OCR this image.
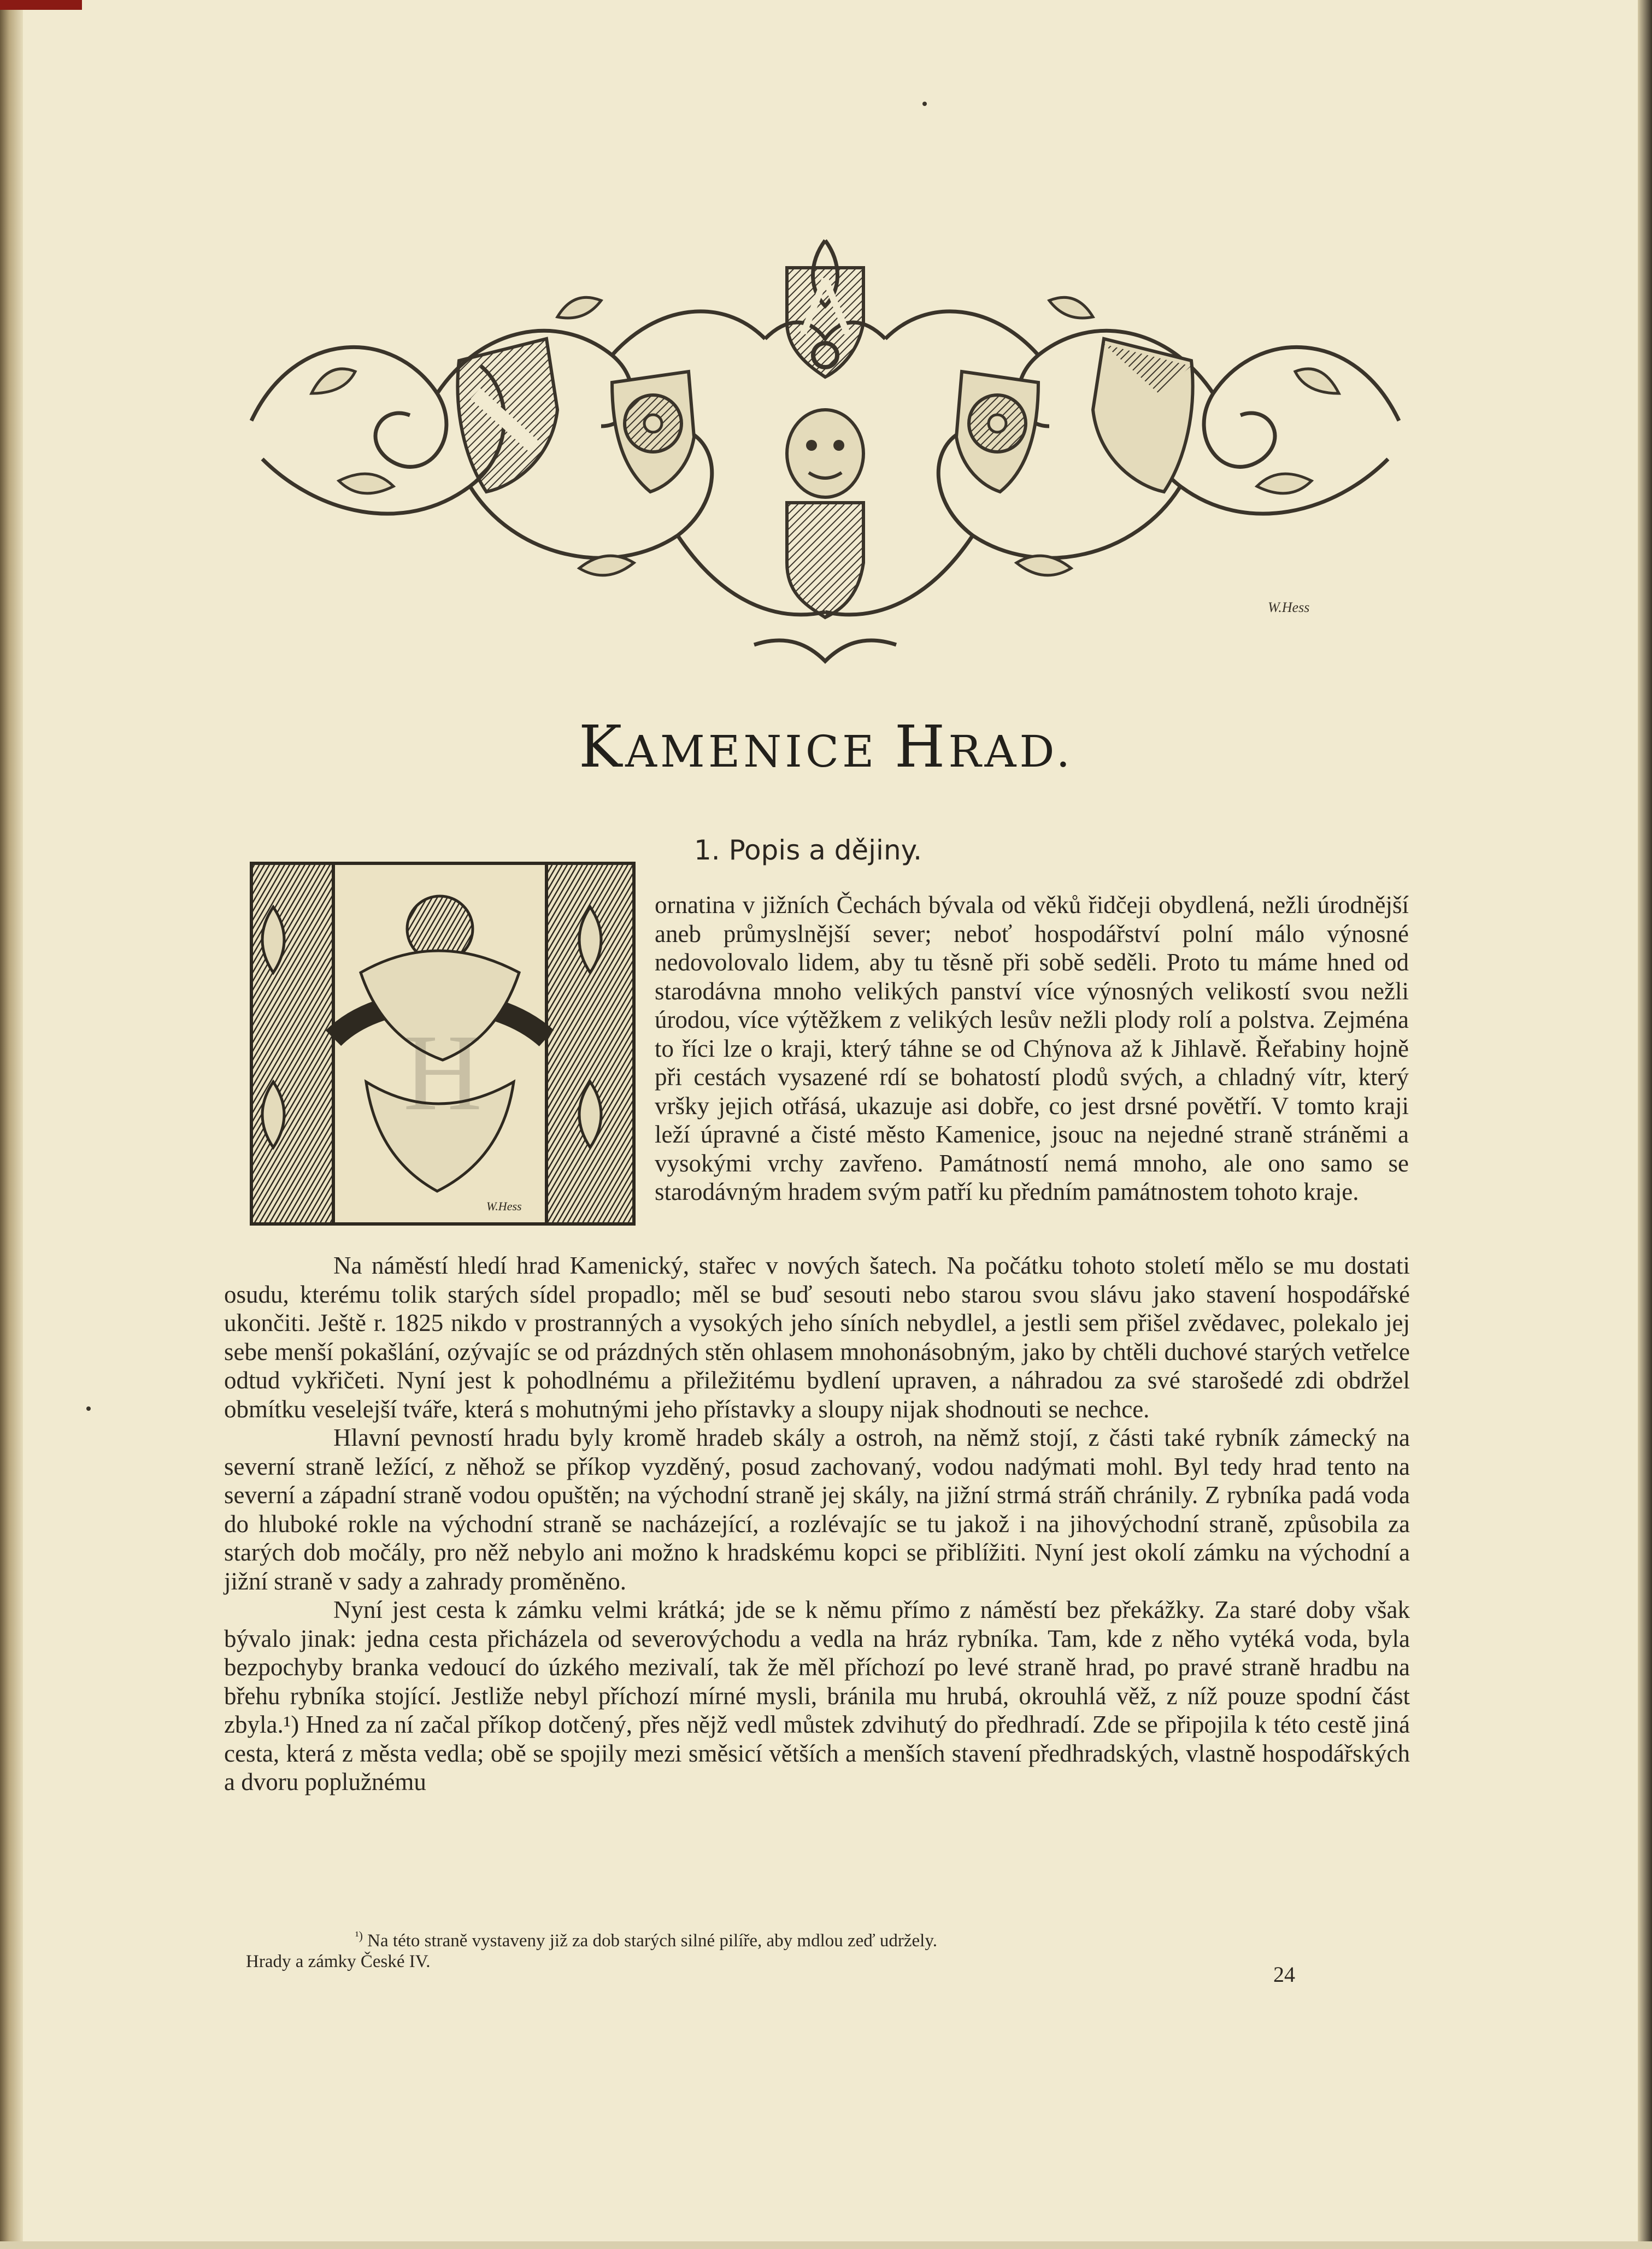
W.Hess
KAMENICE HRAD.
1. Popis a dějiny.
H
W.Hess

ornatina v jižních Čechách bývala od věků řidčeji obydlená, nežli úrodnější aneb průmyslnější sever; neboť hospodářství polní málo výnosné nedovolovalo lidem, aby tu těsně při sobě seděli. Proto tu máme hned od starodávna mnoho velikých panství více výnosných velikostí svou nežli úrodou, více výtěžkem z velikých lesův nežli plody rolí a polstva. Zejména to říci lze o kraji, který táhne se od Chýnova až k Jihlavě. Řeřabiny hojně při cestách vysazené rdí se bohatostí plodů svých, a chladný vítr, který vršky jejich otřásá, ukazuje asi dobře, co jest drsné povětří. V tomto kraji leží úpravné a čisté město Kamenice, jsouc na nejedné straně stráněmi a vysokými vrchy zavřeno. Památností nemá mnoho, ale ono samo se starodávným hradem svým patří ku předním památnostem tohoto kraje.

Na náměstí hledí hrad Kamenický, stařec v nových šatech. Na počátku tohoto století mělo se mu dostati osudu, kterému tolik starých sídel propadlo; měl se buď sesouti nebo starou svou slávu jako stavení hospodářské ukončiti. Ještě r. 1825 nikdo v prostranných a vysokých jeho síních nebydlel, a jestli sem přišel zvědavec, polekalo jej sebe menší pokašlání, ozývajíc se od prázdných stěn ohlasem mnohonásobným, jako by chtěli duchové starých vetřelce odtud vykřičeti. Nyní jest k pohodlnému a přiležitému bydlení upraven, a náhradou za své starošedé zdi obdržel obmítku veselejší tváře, která s mohutnými jeho přístavky a sloupy nijak shodnouti se nechce.

Hlavní pevností hradu byly kromě hradeb skály a ostroh, na němž stojí, z části také rybník zámecký na severní straně ležící, z něhož se příkop vyzděný, posud zachovaný, vodou nadýmati mohl. Byl tedy hrad tento na severní a západní straně vodou opuštěn; na východní straně jej skály, na jižní strmá stráň chránily. Z rybníka padá voda do hluboké rokle na východní straně se nacházející, a rozlévajíc se tu jakož i na jihovýchodní straně, způsobila za starých dob močály, pro něž nebylo ani možno k hradskému kopci se přiblížiti. Nyní jest okolí zámku na východní a jižní straně v sady a zahrady proměněno.

Nyní jest cesta k zámku velmi krátká; jde se k němu přímo z náměstí bez překážky. Za staré doby však bývalo jinak: jedna cesta přicházela od severovýchodu a vedla na hráz rybníka. Tam, kde z něho vytéká voda, byla bezpochyby branka vedoucí do úzkého mezivalí, tak že měl příchozí po levé straně hrad, po pravé straně hradbu na břehu rybníka stojící. Jestliže nebyl příchozí mírné mysli, bránila mu hrubá, okrouhlá věž, z níž pouze spodní část zbyla.¹) Hned za ní začal příkop dotčený, přes nějž vedl můstek zdvihutý do předhradí. Zde se připojila k této cestě jiná cesta, která z města vedla; obě se spojily mezi směsicí větších a menších stavení předhradských, vlastně hospodářských a dvoru poplužnému

$^{^1)}$ Na této straně vystaveny již za dob starých silné pilíře, aby mdlou zeď udržely.
Hrady a zámky České IV.
24
